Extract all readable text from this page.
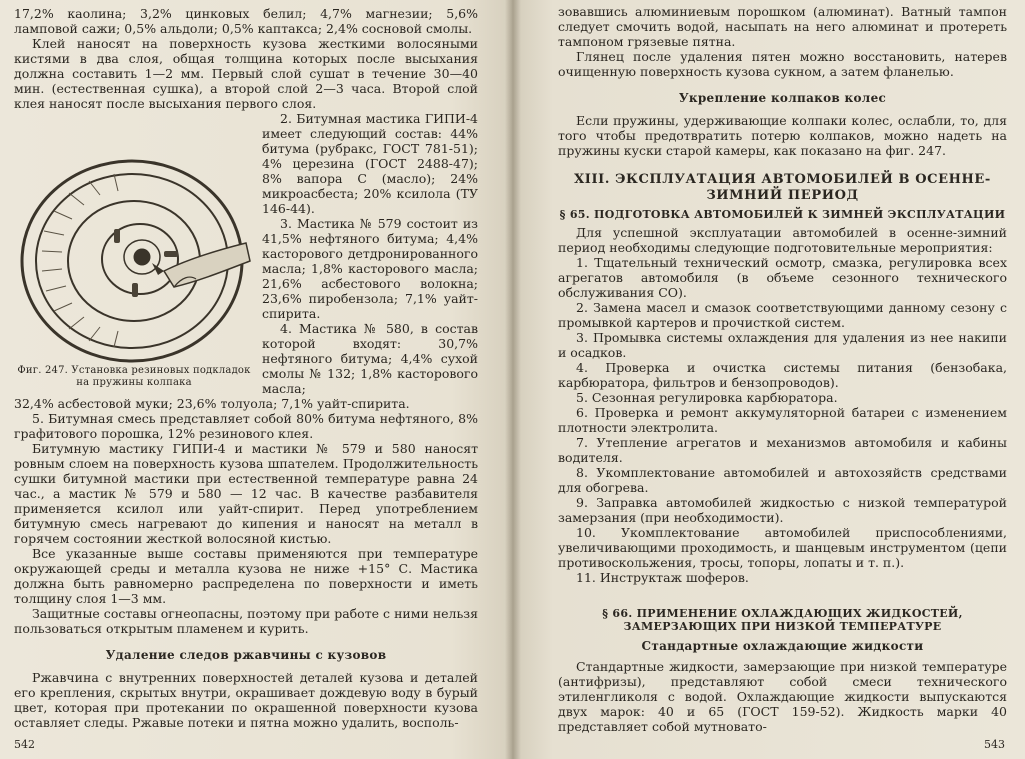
17,2% каолина; 3,2% цинковых белил; 4,7% магнезии; 5,6% ламповой сажи; 0,5% альдоли; 0,5% каптакса; 2,4% сосновой смолы.

Клей наносят на поверхность кузова жесткими волосяными кистями в два слоя, общая толщина которых после высыхания должна составить 1—2 мм. Первый слой сушат в течение 30—40 мин. (естественная сушка), а второй слой 2—3 часа. Второй слой клея наносят после высыхания первого слоя.

Фиг. 247. Установка резиновых подкладок на пружины колпака

2. Битумная мастика ГИПИ-4 имеет следующий состав: 44% битума (рубракс, ГОСТ 781-51); 4% церезина (ГОСТ 2488-47); 8% вапора С (масло); 24% микроасбеста; 20% ксилола (ТУ 146-44).

3. Мастика № 579 состоит из 41,5% нефтяного битума; 4,4% касторового детдронированного масла; 1,8% касторового масла; 21,6% асбестового волокна; 23,6% пиробензола; 7,1% уайт-спирита.

4. Мастика № 580, в состав которой входят: 30,7% нефтяного битума; 4,4% сухой смолы № 132; 1,8% касторового масла;

32,4% асбестовой муки; 23,6% толуола; 7,1% уайт-спирита.

5. Битумная смесь представляет собой 80% битума нефтяного, 8% графитового порошка, 12% резинового клея.

Битумную мастику ГИПИ-4 и мастики № 579 и 580 наносят ровным слоем на поверхность кузова шпателем. Продолжительность сушки битумной мастики при естественной температуре равна 24 час., а мастик № 579 и 580 — 12 час. В качестве разбавителя применяется ксилол или уайт-спирит. Перед употреблением битумную смесь нагревают до кипения и наносят на металл в горячем состоянии жесткой волосяной кистью.

Все указанные выше составы применяются при температуре окружающей среды и металла кузова не ниже +15° С. Мастика должна быть равномерно распределена по поверхности и иметь толщину слоя 1—3 мм.

Защитные составы огнеопасны, поэтому при работе с ними нельзя пользоваться открытым пламенем и курить.

Удаление следов ржавчины с кузовов

Ржавчина с внутренних поверхностей деталей кузова и деталей его крепления, скрытых внутри, окрашивает дождевую воду в бурый цвет, которая при протекании по окрашенной поверхности кузова оставляет следы. Ржавые потеки и пятна можно удалить, восполь-

542

зовавшись алюминиевым порошком (алюминат). Ватный тампон следует смочить водой, насыпать на него алюминат и протереть тампоном грязевые пятна.

Глянец после удаления пятен можно восстановить, натерев очищенную поверхность кузова сукном, а затем фланелью.

Укрепление колпаков колес

Если пружины, удерживающие колпаки колес, ослабли, то, для того чтобы предотвратить потерю колпаков, можно надеть на пружины куски старой камеры, как показано на фиг. 247.

XIII. ЭКСПЛУАТАЦИЯ АВТОМОБИЛЕЙ В ОСЕННЕ-ЗИМНИЙ ПЕРИОД
§ 65. ПОДГОТОВКА АВТОМОБИЛЕЙ К ЗИМНЕЙ ЭКСПЛУАТАЦИИ

Для успешной эксплуатации автомобилей в осенне-зимний период необходимы следующие подготовительные мероприятия:

1. Тщательный технический осмотр, смазка, регулировка всех агрегатов автомобиля (в объеме сезонного технического обслуживания СО).

2. Замена масел и смазок соответствующими данному сезону с промывкой картеров и прочисткой систем.

3. Промывка системы охлаждения для удаления из нее накипи и осадков.

4. Проверка и очистка системы питания (бензобака, карбюратора, фильтров и бензопроводов).

5. Сезонная регулировка карбюратора.

6. Проверка и ремонт аккумуляторной батареи с изменением плотности электролита.

7. Утепление агрегатов и механизмов автомобиля и кабины водителя.

8. Укомплектование автомобилей и автохозяйств средствами для обогрева.

9. Заправка автомобилей жидкостью с низкой температурой замерзания (при необходимости).

10. Укомплектование автомобилей приспособлениями, увеличивающими проходимость, и шанцевым инструментом (цепи противоскольжения, тросы, топоры, лопаты и т. п.).

11. Инструктаж шоферов.

§ 66. ПРИМЕНЕНИЕ ОХЛАЖДАЮЩИХ ЖИДКОСТЕЙ, ЗАМЕРЗАЮЩИХ ПРИ НИЗКОЙ ТЕМПЕРАТУРЕ
Стандартные охлаждающие жидкости

Стандартные жидкости, замерзающие при низкой температуре (антифризы), представляют собой смеси технического этиленгликоля с водой. Охлаждающие жидкости выпускаются двух марок: 40 и 65 (ГОСТ 159-52). Жидкость марки 40 представляет собой мутновато-

543
